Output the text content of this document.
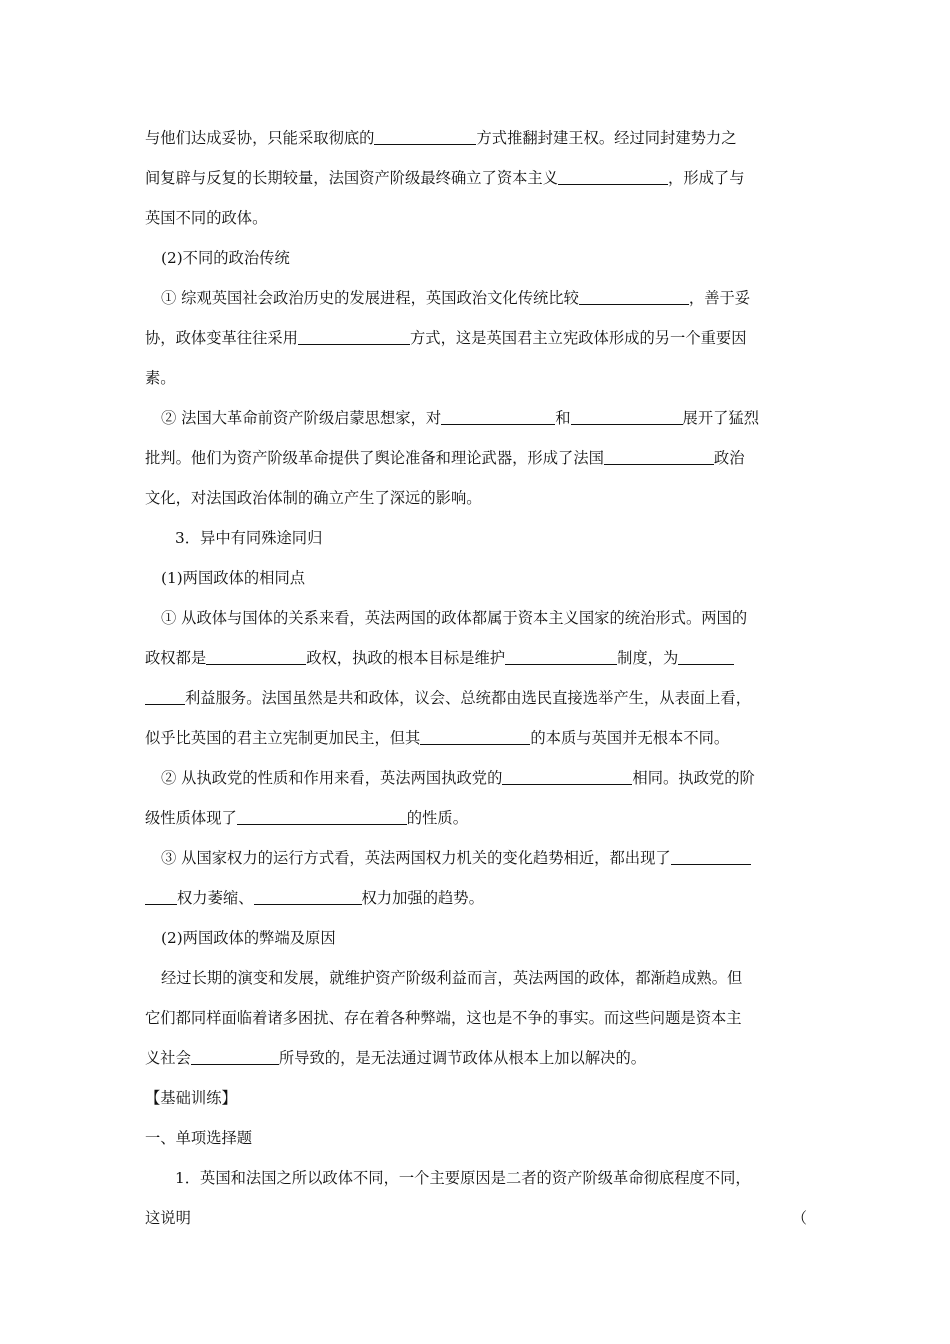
与他们达成妥协，只能采取彻底的	方式推翻封建王权。经过同封建势力之
间复辟与反复的长期较量，法国资产阶级最终确立了资本主义	，形成了与
英国不同的政体。
(2)不同的政治传统
① 综观英国社会政治历史的发展进程，英国政治文化传统比较	，善于妥
协，政体变革往往采用	方式，这是英国君主立宪政体形成的另一个重要因
素。
② 法国大革命前资产阶级启蒙思想家，对	和	展开了猛烈
批判。他们为资产阶级革命提供了舆论准备和理论武器，形成了法国	政治
文化，对法国政治体制的确立产生了深远的影响。
3．异中有同殊途同归
(1)两国政体的相同点
① 从政体与国体的关系来看，英法两国的政体都属于资本主义国家的统治形式。两国的
政权都是	政权，执政的根本目标是维护	制度，为
利益服务。法国虽然是共和政体，议会、总统都由选民直接选举产生，从表面上看，
似乎比英国的君主立宪制更加民主，但其	的本质与英国并无根本不同。
② 从执政党的性质和作用来看，英法两国执政党的	相同。执政党的阶
级性质体现了	的性质。
③ 从国家权力的运行方式看，英法两国权力机关的变化趋势相近，都出现了
权力萎缩、	权力加强的趋势。
(2)两国政体的弊端及原因
经过长期的演变和发展，就维护资产阶级利益而言，英法两国的政体，都渐趋成熟。但
它们都同样面临着诸多困扰、存在着各种弊端，这也是不争的事实。而这些问题是资本主
义社会	所导致的，是无法通过调节政体从根本上加以解决的。
【基础训练】
一、单项选择题
1．英国和法国之所以政体不同，一个主要原因是二者的资产阶级革命彻底程度不同，
这说明	（
